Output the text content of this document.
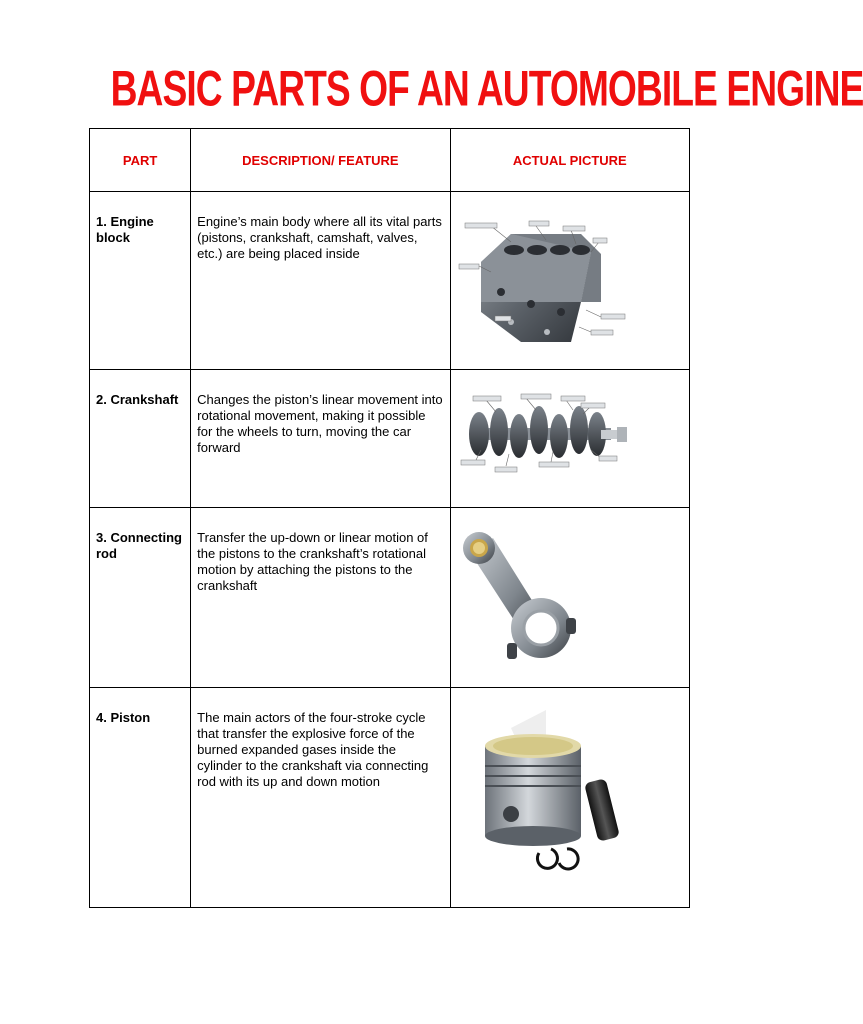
BASIC PARTS OF AN AUTOMOBILE ENGINE
PART	DESCRIPTION/ FEATURE	ACTUAL PICTURE

1. Engine block	Engine’s main body where all its vital parts (pistons, crankshaft, camshaft, valves, etc.) are being placed inside

2. Crankshaft	Changes the piston’s linear movement into rotational movement, making it possible for the wheels to turn, moving the car forward

3. Connecting rod	Transfer the up-down or linear motion of the pistons to the crankshaft’s rotational motion by attaching the pistons to the crankshaft

4. Piston	The main actors of the four-stroke cycle that transfer the explosive force of the burned expanded gases inside the cylinder to the crankshaft via connecting rod with its up and down motion
